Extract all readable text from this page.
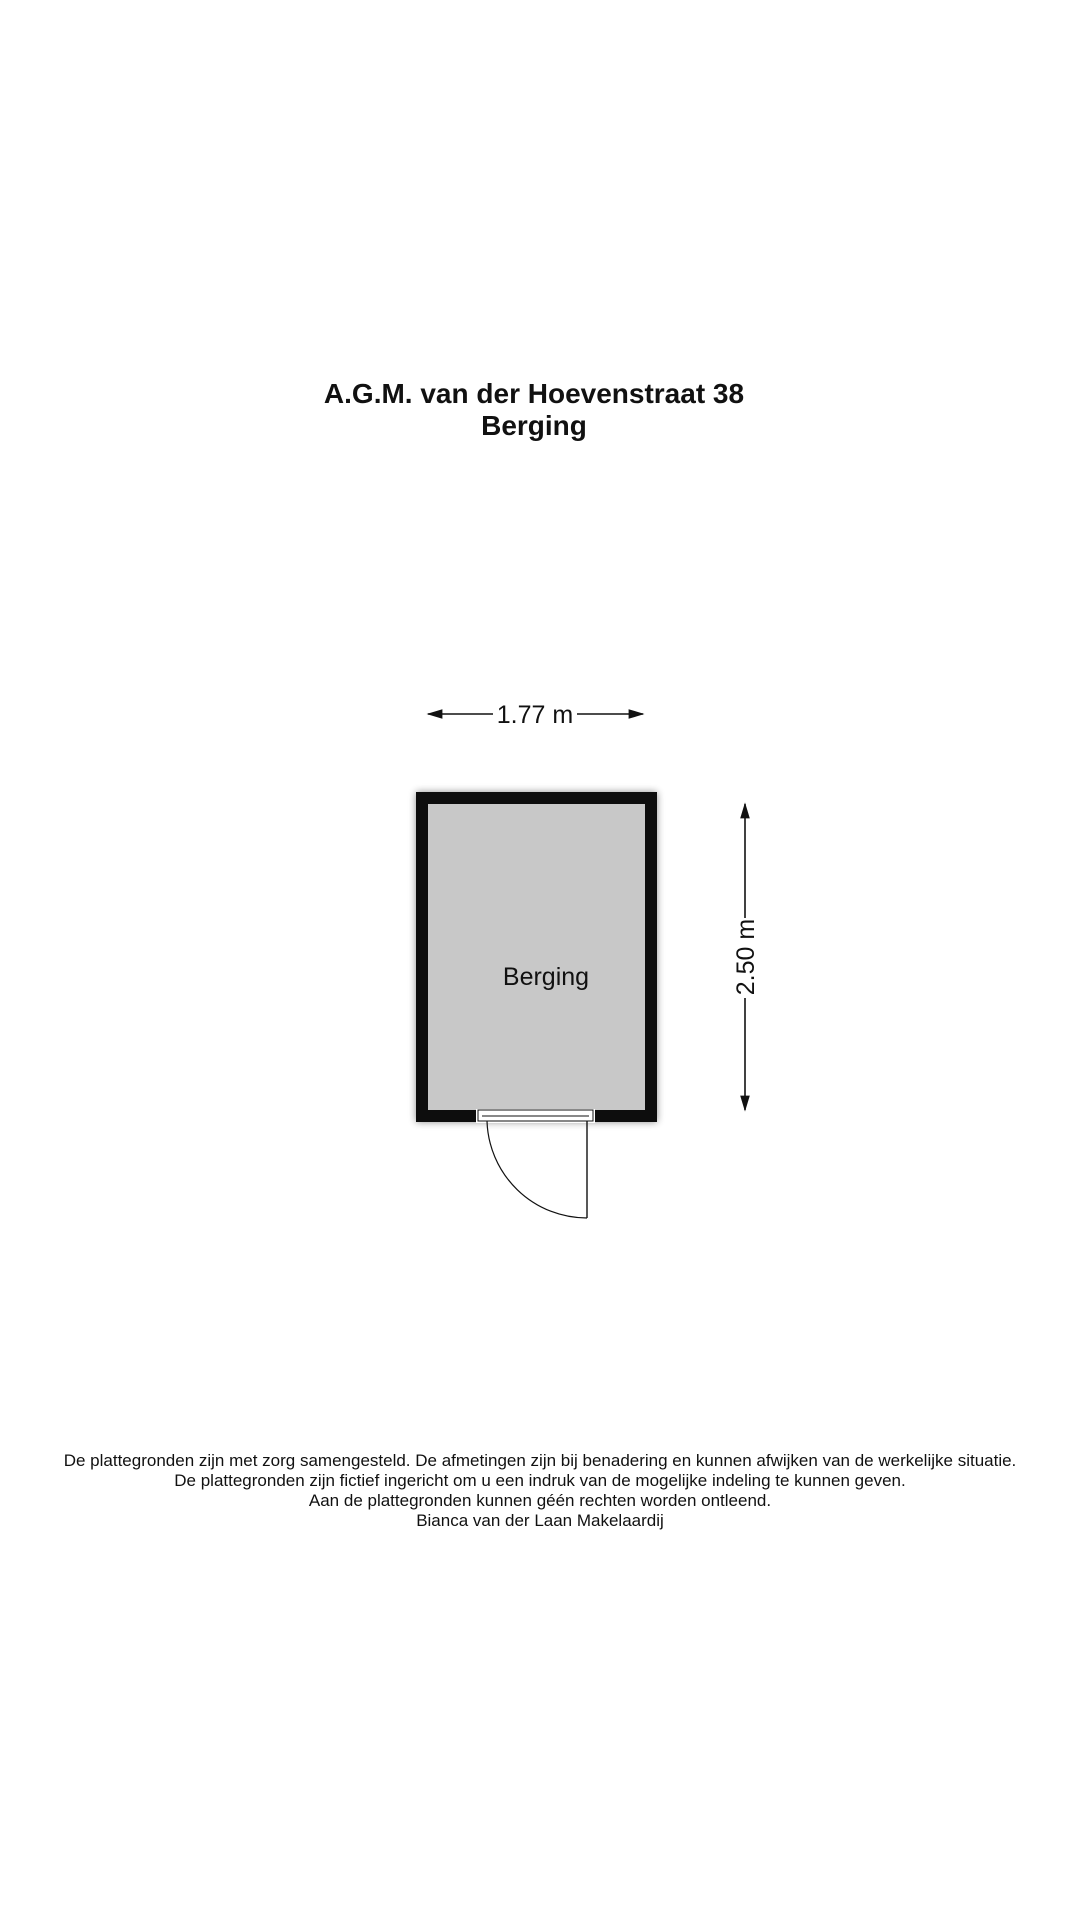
A.G.M. van der Hoevenstraat 38
Berging
1.77 m
Berging	2.50 m
De plattegronden zijn met zorg samengesteld. De afmetingen zijn bij benadering en kunnen afwijken van de werkelijke situatie.
De plattegronden zijn fictief ingericht om u een indruk van de mogelijke indeling te kunnen geven.
Aan de plattegronden kunnen géén rechten worden ontleend.
Bianca van der Laan Makelaardij
